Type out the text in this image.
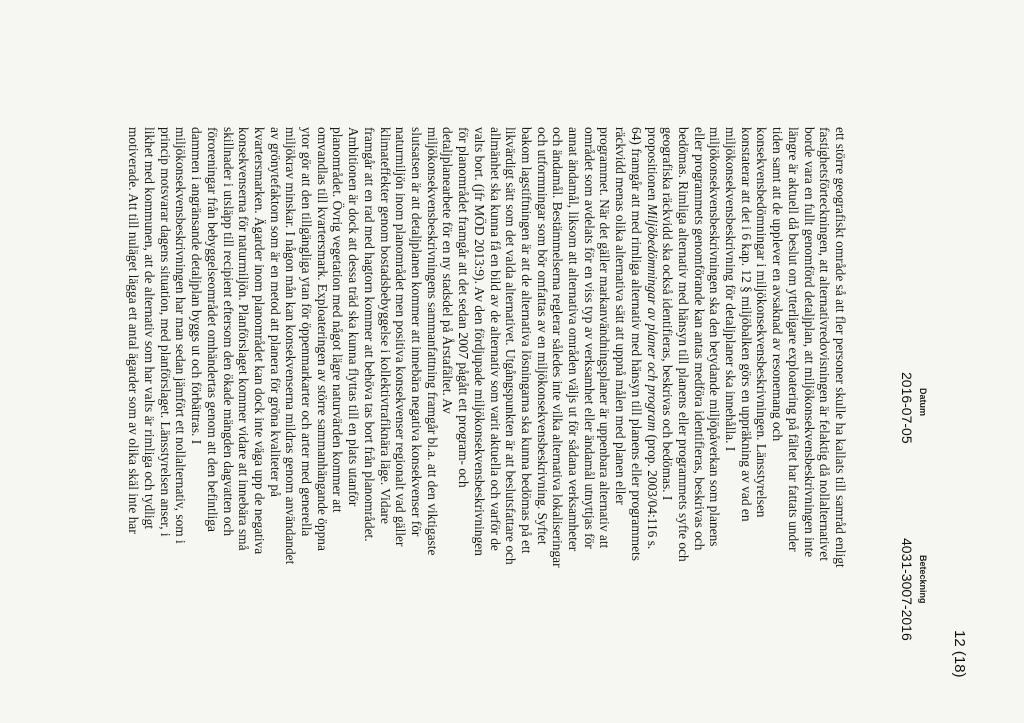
12 (18)
Datum
2016-07-05
Beteckning
4031-3007-2016

ett större geografiskt område så att fler personer skulle ha kallats till samråd enligt
fastighetsförteckningen, att alternativredovisningen är felaktig då nollalternativet
borde vara en fullt genomförd detaljplan, att miljökonsekvensbeskrivningen inte
längre är aktuell då beslut om ytterligare exploatering på fältet har fattats under
tiden samt att de upplever en avsaknad av resonemang och
konsekvensbedömningar i miljökonsekvensbeskrivningen. Länsstyrelsen
konstaterar att det i 6 kap. 12 § miljöbalken görs en uppräkning av vad en
miljökonsekvensbeskrivning för detaljplaner ska innehålla. I
miljökonsekvensbeskrivningen ska den betydande miljöpåverkan som planens
eller programmets genomförande kan antas medföra identifieras, beskrivas och
bedömas. Rimliga alternativ med hänsyn till planens eller programmets syfte och
geografiska räckvidd ska också identifieras, beskrivas och bedömas. I
propositionen Miljöbedömningar av planer och program (prop. 2003/04:116 s.
64) framgår att med rimliga alternativ med hänsyn till planens eller programmets
räckvidd menas olika alternativa sätt att uppnå målen med planen eller
programmet. När det gäller markanvändningsplaner är uppenbara alternativ att
området som avdelats för en viss typ av verksamhet eller ändamål utnyttjas för
annat ändamål, liksom att alternativa områden väljs ut för sådana verksamheter
och ändamål. Bestämmelserna reglerar således inte vilka alternativa lokaliseringar
och utformningar som bör omfattas av en miljökonsekvensbeskrivning. Syftet
bakom lagstiftningen är att de alternativa lösningarna ska kunna bedömas på ett
likvärdigt sätt som det valda alternativet. Utgångspunkten är att beslutsfattare och
allmänhet ska kunna få en bild av de alternativ som varit aktuella och varför de
valts bort. (jfr MÖD 2013:9). Av den fördjupade miljökonsekvensbeskrivningen
för planområdet framgår att det sedan 2007 pågått ett program- och
detaljplanearbete för en ny stadsdel på Årstafältet. Av
miljökonsekvensbeskrivningens sammanfattning framgår bl.a. att den viktigaste
slutsatsen är att detaljplanen kommer att innebära negativa konsekvenser för
naturmiljön inom planområdet men positiva konsekvenser regionalt vad gäller
klimateffekter genom bostadsbebyggelse i kollektivtrafiknära läge. Vidare
framgår att en rad med hagtorn kommer att behöva tas bort från planområdet.
Ambitionen är dock att dessa träd ska kunna flyttas till en plats utanför
planområdet. Övrig vegetation med något lägre naturvärden kommer att
omvandlas till kvartersmark. Exploateringen av större sammanhängande öppna
ytor gör att den tillgängliga ytan för öppenmarkarter och arter med generella
miljökrav minskar. I någon mån kan konsekvenserna mildras genom användandet
av grönytefaktorn som är en metod att planera för gröna kvaliteter på
kvartersmarken. Ägarder inom planområdet kan dock inte väga upp de negativa
konsekvenserna för naturmiljön. Planförslaget kommer vidare att innebära små
skillnader i utsläpp till recipient eftersom den ökade mängden dagvatten och
föroreningar från bebyggelseområdet omhändertas genom att den befintliga
dammen i angränsande detaljplan byggs ut och förbättras. I
miljökonsekvensbeskrivningen har man sedan jämfört ett nollalternativ, som i
princip motsvarar dagens situation, med planförslaget. Länsstyrelsen anser, i
likhet med kommunen, att de alternativ som har valts är rimliga och tydligt
motiverade. Att till nuläget lägga ett antal ägarder som av olika skäl inte har
